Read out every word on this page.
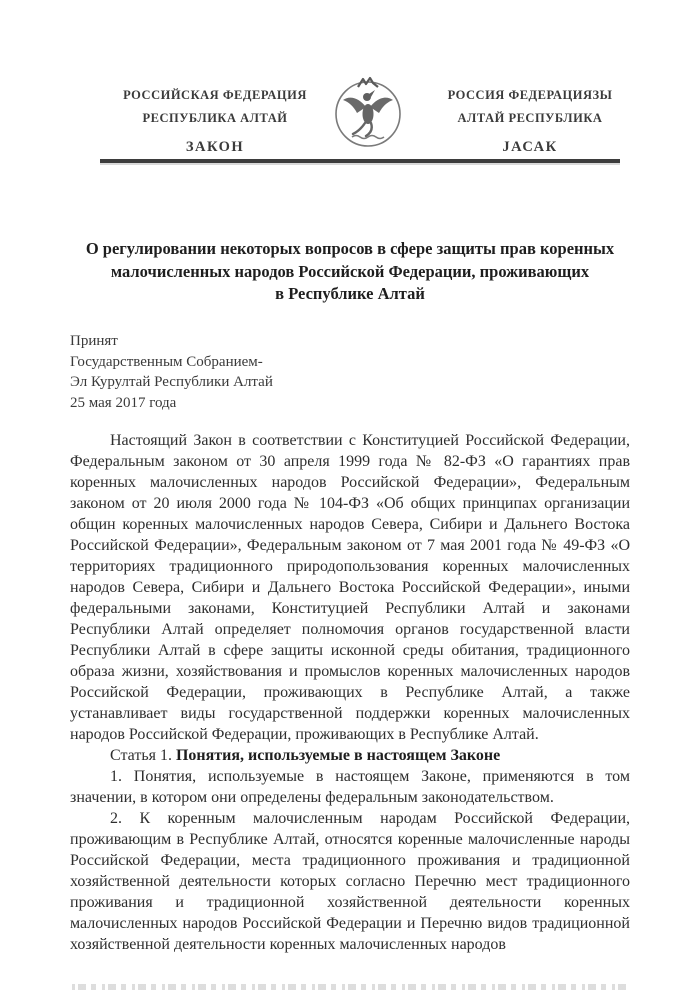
РОССИЙСКАЯ ФЕДЕРАЦИЯ
РЕСПУБЛИКА АЛТАЙ
ЗАКОН
РОССИЯ ФЕДЕРАЦИЯЗЫ
АЛТАЙ РЕСПУБЛИКА
JАСАК
О регулировании некоторых вопросов в сфере защиты прав коренных
малочисленных народов Российской Федерации, проживающих
в Республике Алтай
Принят
Государственным Собранием-
Эл Курултай Республики Алтай
25 мая 2017 года

Настоящий Закон в соответствии с Конституцией Российской Федерации, Федеральным законом от 30 апреля 1999 года № 82-ФЗ «О гарантиях прав коренных малочисленных народов Российской Федерации», Федеральным законом от 20 июля 2000 года № 104-ФЗ «Об общих принципах организации общин коренных малочисленных народов Севера, Сибири и Дальнего Востока Российской Федерации», Федеральным законом от 7 мая 2001 года № 49-ФЗ «О территориях традиционного природопользования коренных малочисленных народов Севера, Сибири и Дальнего Востока Российской Федерации», иными федеральными законами, Конституцией Республики Алтай и законами Республики Алтай определяет полномочия органов государственной власти Республики Алтай в сфере защиты исконной среды обитания, традиционного образа жизни, хозяйствования и промыслов коренных малочисленных народов Российской Федерации, проживающих в Республике Алтай, а также устанавливает виды государственной поддержки коренных малочисленных народов Российской Федерации, проживающих в Республике Алтай.

Статья 1. Понятия, используемые в настоящем Законе

1. Понятия, используемые в настоящем Законе, применяются в том значении, в котором они определены федеральным законодательством.

2. К коренным малочисленным народам Российской Федерации, проживающим в Республике Алтай, относятся коренные малочисленные народы Российской Федерации, места традиционного проживания и традиционной хозяйственной деятельности которых согласно Перечню мест традиционного проживания и традиционной хозяйственной деятельности коренных малочисленных народов Российской Федерации и Перечню видов традиционной хозяйственной деятельности коренных малочисленных народов
